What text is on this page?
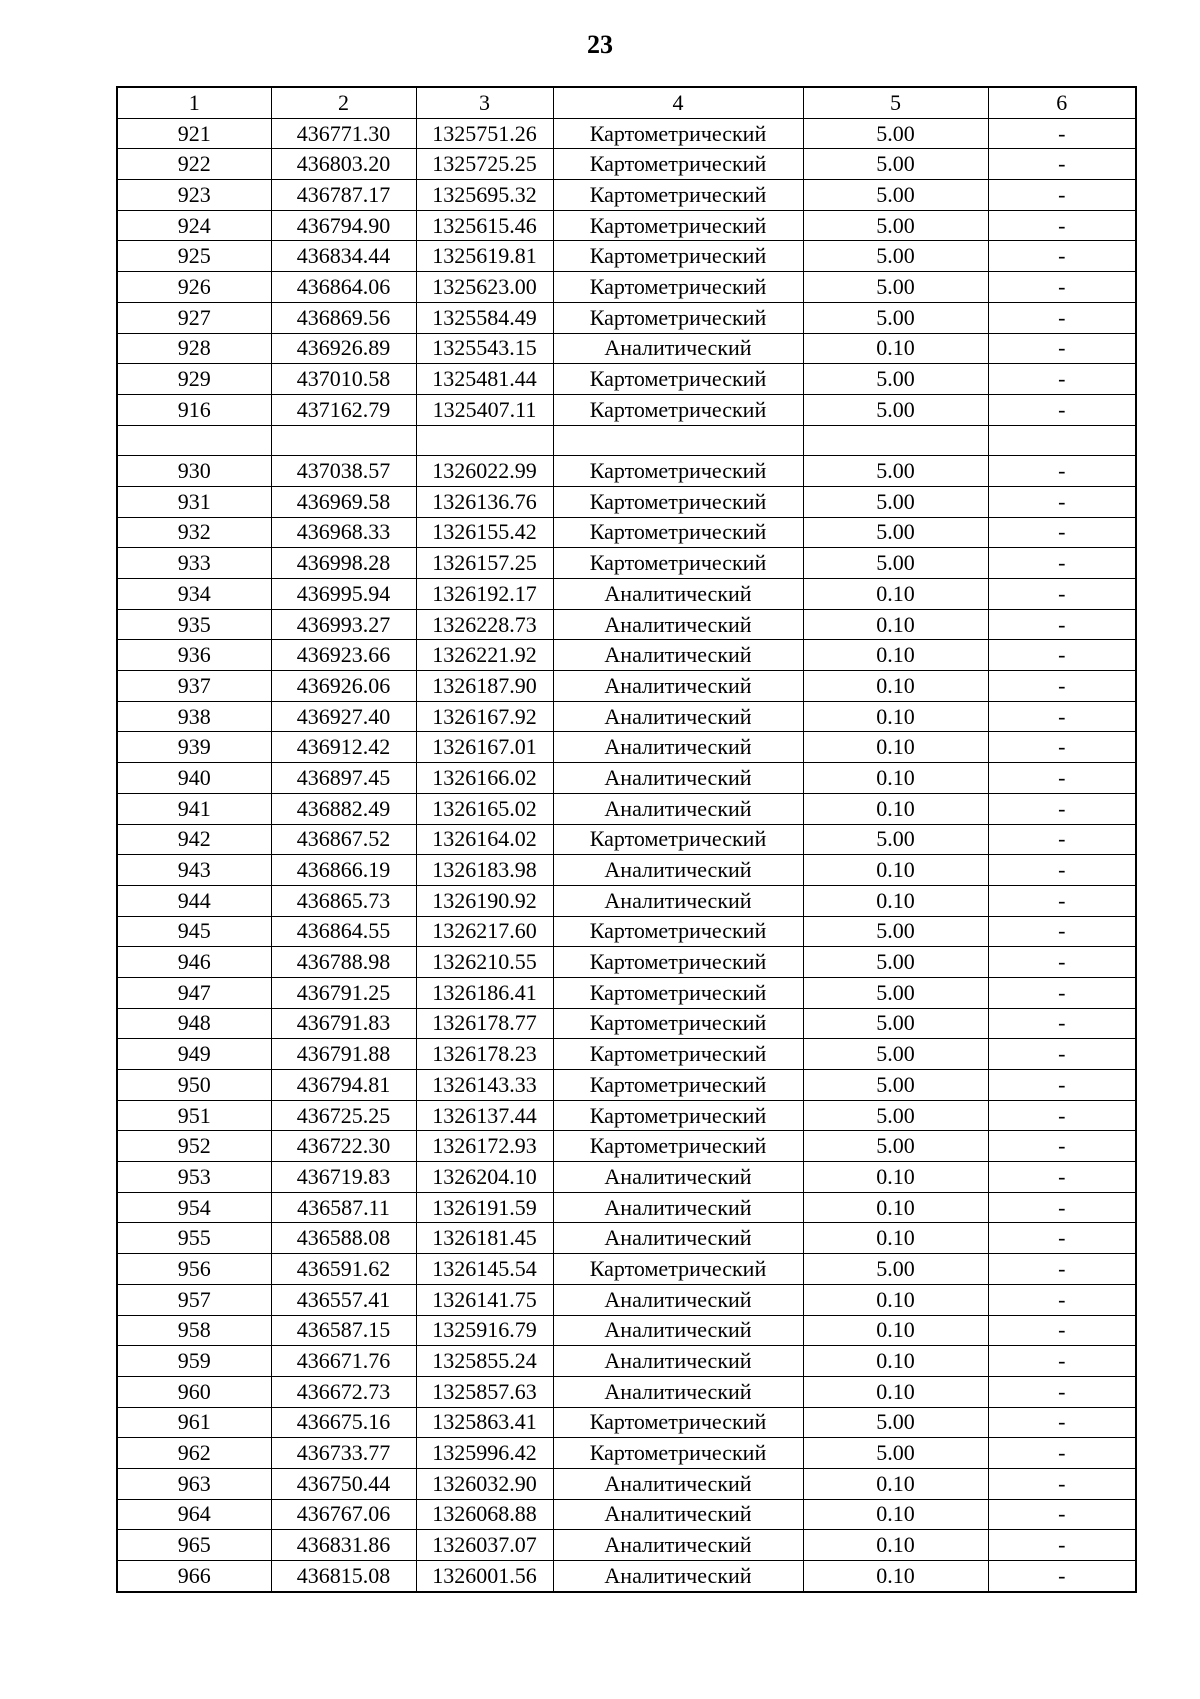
23
1	2	3	4	5	6
921	436771.30	1325751.26	Картометрический	5.00	-
922	436803.20	1325725.25	Картометрический	5.00	-
923	436787.17	1325695.32	Картометрический	5.00	-
924	436794.90	1325615.46	Картометрический	5.00	-
925	436834.44	1325619.81	Картометрический	5.00	-
926	436864.06	1325623.00	Картометрический	5.00	-
927	436869.56	1325584.49	Картометрический	5.00	-
928	436926.89	1325543.15	Аналитический	0.10	-
929	437010.58	1325481.44	Картометрический	5.00	-
916	437162.79	1325407.11	Картометрический	5.00	-

930	437038.57	1326022.99	Картометрический	5.00	-
931	436969.58	1326136.76	Картометрический	5.00	-
932	436968.33	1326155.42	Картометрический	5.00	-
933	436998.28	1326157.25	Картометрический	5.00	-
934	436995.94	1326192.17	Аналитический	0.10	-
935	436993.27	1326228.73	Аналитический	0.10	-
936	436923.66	1326221.92	Аналитический	0.10	-
937	436926.06	1326187.90	Аналитический	0.10	-
938	436927.40	1326167.92	Аналитический	0.10	-
939	436912.42	1326167.01	Аналитический	0.10	-
940	436897.45	1326166.02	Аналитический	0.10	-
941	436882.49	1326165.02	Аналитический	0.10	-
942	436867.52	1326164.02	Картометрический	5.00	-
943	436866.19	1326183.98	Аналитический	0.10	-
944	436865.73	1326190.92	Аналитический	0.10	-
945	436864.55	1326217.60	Картометрический	5.00	-
946	436788.98	1326210.55	Картометрический	5.00	-
947	436791.25	1326186.41	Картометрический	5.00	-
948	436791.83	1326178.77	Картометрический	5.00	-
949	436791.88	1326178.23	Картометрический	5.00	-
950	436794.81	1326143.33	Картометрический	5.00	-
951	436725.25	1326137.44	Картометрический	5.00	-
952	436722.30	1326172.93	Картометрический	5.00	-
953	436719.83	1326204.10	Аналитический	0.10	-
954	436587.11	1326191.59	Аналитический	0.10	-
955	436588.08	1326181.45	Аналитический	0.10	-
956	436591.62	1326145.54	Картометрический	5.00	-
957	436557.41	1326141.75	Аналитический	0.10	-
958	436587.15	1325916.79	Аналитический	0.10	-
959	436671.76	1325855.24	Аналитический	0.10	-
960	436672.73	1325857.63	Аналитический	0.10	-
961	436675.16	1325863.41	Картометрический	5.00	-
962	436733.77	1325996.42	Картометрический	5.00	-
963	436750.44	1326032.90	Аналитический	0.10	-
964	436767.06	1326068.88	Аналитический	0.10	-
965	436831.86	1326037.07	Аналитический	0.10	-
966	436815.08	1326001.56	Аналитический	0.10	-
